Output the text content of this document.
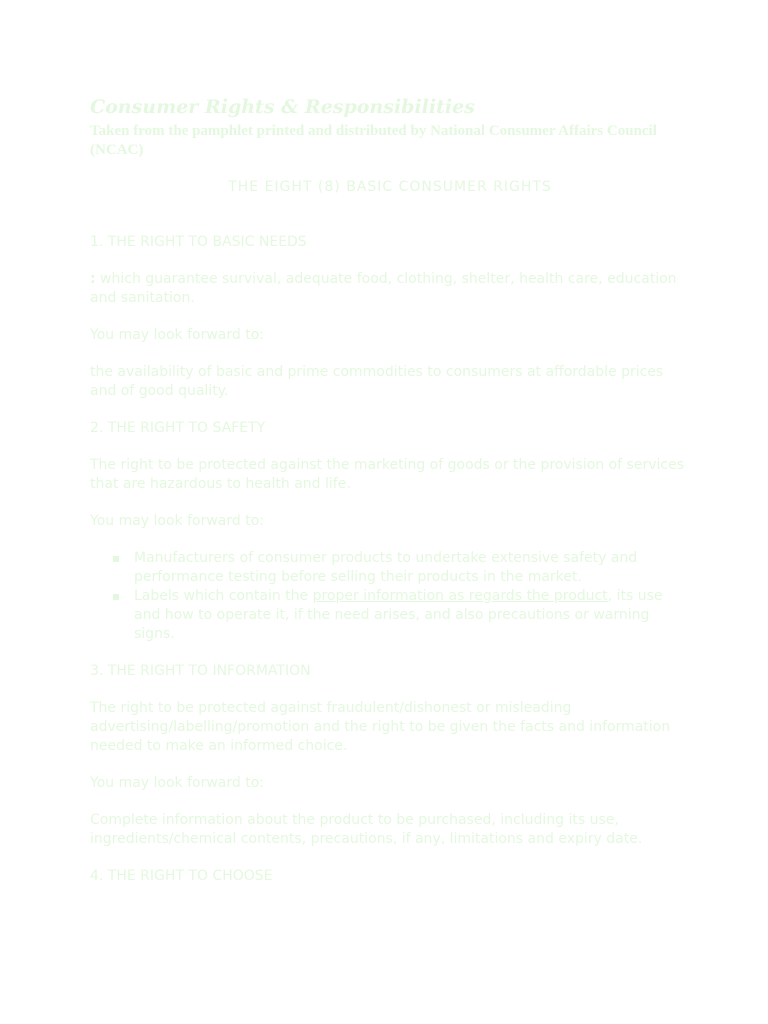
Consumer Rights & Responsibilities

Taken from the pamphlet printed and distributed by National Consumer Affairs Council (NCAC)

THE EIGHT (8) BASIC CONSUMER RIGHTS

1. THE RIGHT TO BASIC NEEDS

: which guarantee survival, adequate food, clothing, shelter, health care, education and sanitation.

You may look forward to:

the availability of basic and prime commodities to consumers at affordable prices and of good quality.

2. THE RIGHT TO SAFETY

The right to be protected against the marketing of goods or the provision of services that are hazardous to health and life.

You may look forward to:

▪ Manufacturers of consumer products to undertake extensive safety and performance testing before selling their products in the market.
▪ Labels which contain the proper information as regards the product, its use and how to operate it, if the need arises, and also precautions or warning signs.

3. THE RIGHT TO INFORMATION

The right to be protected against fraudulent/dishonest or misleading advertising/labelling/promotion and the right to be given the facts and information needed to make an informed choice.

You may look forward to:

Complete information about the product to be purchased, including its use, ingredients/chemical contents, precautions, if any, limitations and expiry date.

4. THE RIGHT TO CHOOSE
